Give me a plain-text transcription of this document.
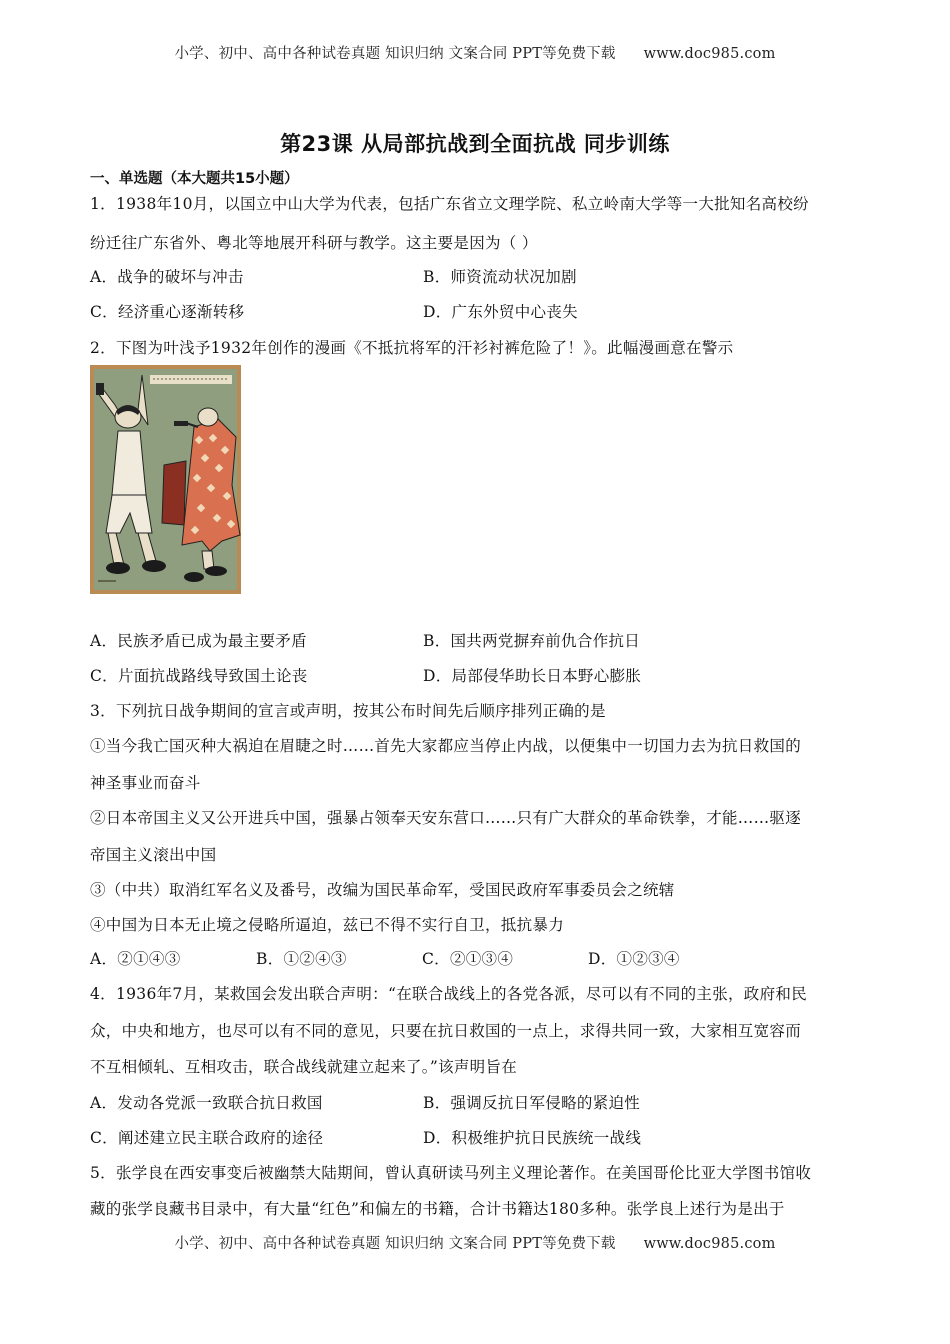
小学、初中、高中各种试卷真题 知识归纳 文案合同 PPT等免费下载 www.doc985.com
第23课 从局部抗战到全面抗战 同步训练
一、单选题（本大题共15小题）
1．1938年10月，以国立中山大学为代表，包括广东省立文理学院、私立岭南大学等一大批知名高校纷
纷迁往广东省外、粤北等地展开科研与教学。这主要是因为（ ）
A．战争的破坏与冲击	B．师资流动状况加剧
C．经济重心逐渐转移	D．广东外贸中心丧失
2．下图为叶浅予1932年创作的漫画《不抵抗将军的汗衫衬裤危险了！》。此幅漫画意在警示
A．民族矛盾已成为最主要矛盾	B．国共两党摒弃前仇合作抗日
C．片面抗战路线导致国土论丧	D．局部侵华助长日本野心膨胀
3．下列抗日战争期间的宣言或声明，按其公布时间先后顺序排列正确的是
①当今我亡国灭种大祸迫在眉睫之时……首先大家都应当停止内战，以便集中一切国力去为抗日救国的
神圣事业而奋斗
②日本帝国主义又公开进兵中国，强暴占领奉天安东营口……只有广大群众的革命铁拳，才能……驱逐
帝国主义滚出中国
③（中共）取消红军名义及番号，改编为国民革命军，受国民政府军事委员会之统辖
④中国为日本无止境之侵略所逼迫，兹已不得不实行自卫，抵抗暴力
A．②①④③	B．①②④③	C．②①③④	D．①②③④
4．1936年7月，某救国会发出联合声明：“在联合战线上的各党各派，尽可以有不同的主张，政府和民
众，中央和地方，也尽可以有不同的意见，只要在抗日救国的一点上，求得共同一致，大家相互宽容而
不互相倾轧、互相攻击，联合战线就建立起来了。”该声明旨在
A．发动各党派一致联合抗日救国	B．强调反抗日军侵略的紧迫性
C．阐述建立民主联合政府的途径	D．积极维护抗日民族统一战线
5．张学良在西安事变后被幽禁大陆期间，曾认真研读马列主义理论著作。在美国哥伦比亚大学图书馆收
藏的张学良藏书目录中，有大量“红色”和偏左的书籍，合计书籍达180多种。张学良上述行为是出于
小学、初中、高中各种试卷真题 知识归纳 文案合同 PPT等免费下载 www.doc985.com
